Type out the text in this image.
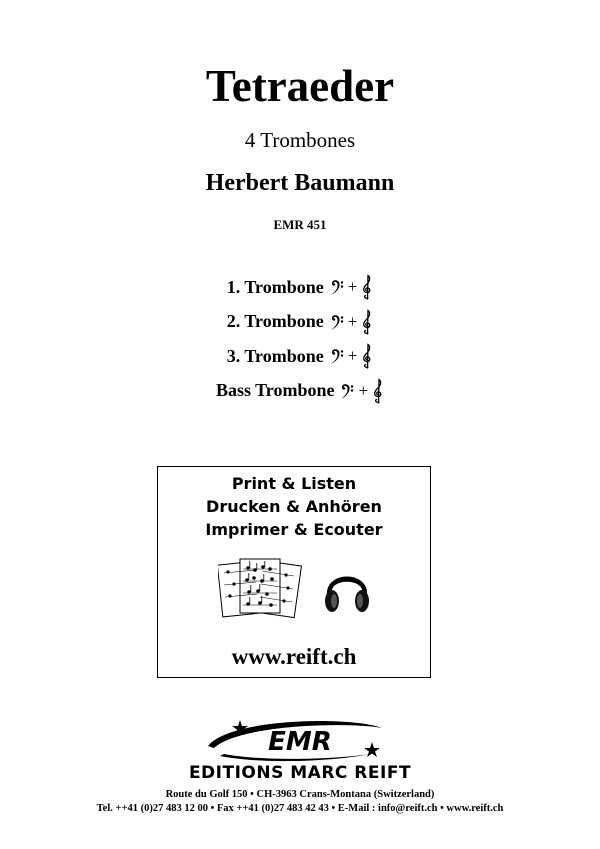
Tetraeder
4 Trombones
Herbert Baumann
EMR 451
1. Trombone +
2. Trombone +
3. Trombone +
Bass Trombone +
Print & Listen
Drucken & Anhören
Imprimer & Ecouter
www.reift.ch
EMR
EDITIONS MARC REIFT
Route du Golf 150 • CH-3963 Crans-Montana (Switzerland)
Tel. ++41 (0)27 483 12 00 • Fax ++41 (0)27 483 42 43 • E-Mail : info@reift.ch • www.reift.ch
